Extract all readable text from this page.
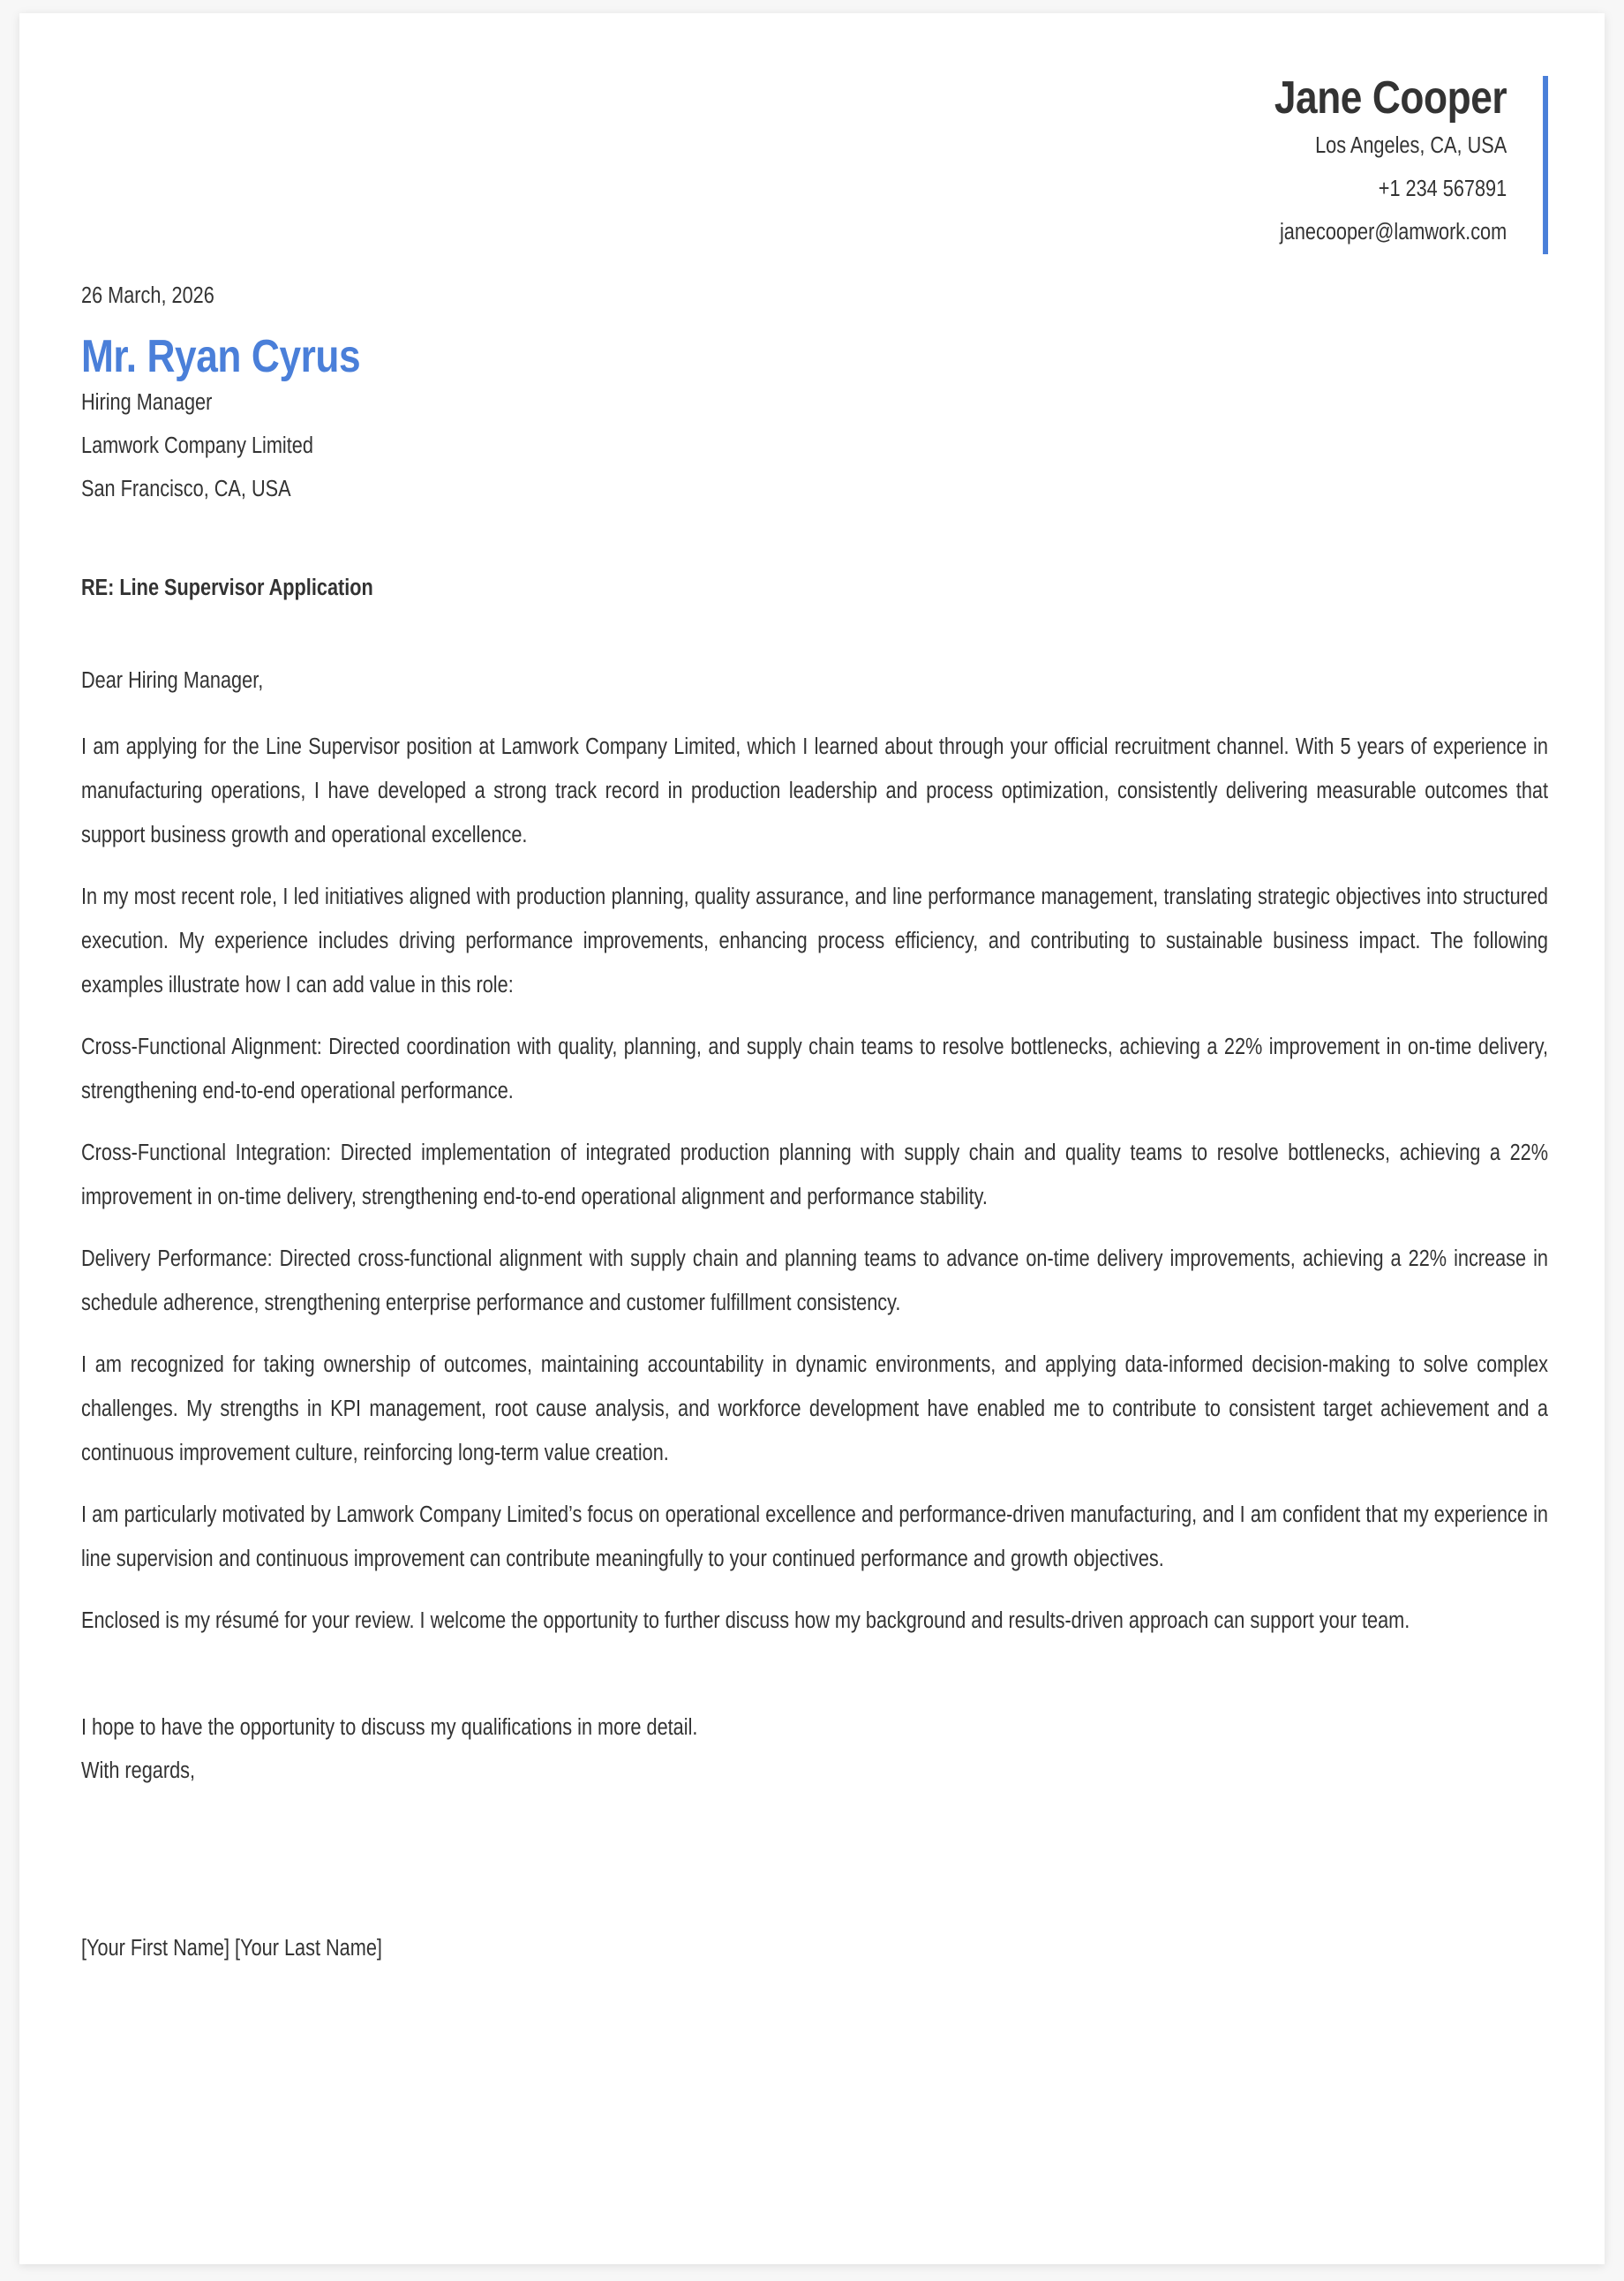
Jane Cooper
Los Angeles, CA, USA
+1 234 567891
janecooper@lamwork.com
26 March, 2026
Mr. Ryan Cyrus
Hiring Manager
Lamwork Company Limited
San Francisco, CA, USA
RE: Line Supervisor Application
Dear Hiring Manager,

I am applying for the Line Supervisor position at Lamwork Company Limited, which I learned about through your official recruitment channel. With 5 years of experience in manufacturing operations, I have developed a strong track record in production leadership and process optimization, consistently delivering measurable outcomes that support business growth and operational excellence.

In my most recent role, I led initiatives aligned with production planning, quality assurance, and line performance management, translating strategic objectives into structured execution. My experience includes driving performance improvements, enhancing process efficiency, and contributing to sustainable business impact. The following examples illustrate how I can add value in this role:

Cross-Functional Alignment: Directed coordination with quality, planning, and supply chain teams to resolve bottlenecks, achieving a 22% improvement in on-time delivery, strengthening end-to-end operational performance.

Cross-Functional Integration: Directed implementation of integrated production planning with supply chain and quality teams to resolve bottlenecks, achieving a 22% improvement in on-time delivery, strengthening end-to-end operational alignment and performance stability.

Delivery Performance: Directed cross-functional alignment with supply chain and planning teams to advance on-time delivery improvements, achieving a 22% increase in schedule adherence, strengthening enterprise performance and customer fulfillment consistency.

I am recognized for taking ownership of outcomes, maintaining accountability in dynamic environments, and applying data-informed decision-making to solve complex challenges. My strengths in KPI management, root cause analysis, and workforce development have enabled me to contribute to consistent target achievement and a continuous improvement culture, reinforcing long-term value creation.

I am particularly motivated by Lamwork Company Limited’s focus on operational excellence and performance-driven manufacturing, and I am confident that my experience in line supervision and continuous improvement can contribute meaningfully to your continued performance and growth objectives.

Enclosed is my résumé for your review. I welcome the opportunity to further discuss how my background and results-driven approach can support your team.

I hope to have the opportunity to discuss my qualifications in more detail.
With regards,
[Your First Name] [Your Last Name]
